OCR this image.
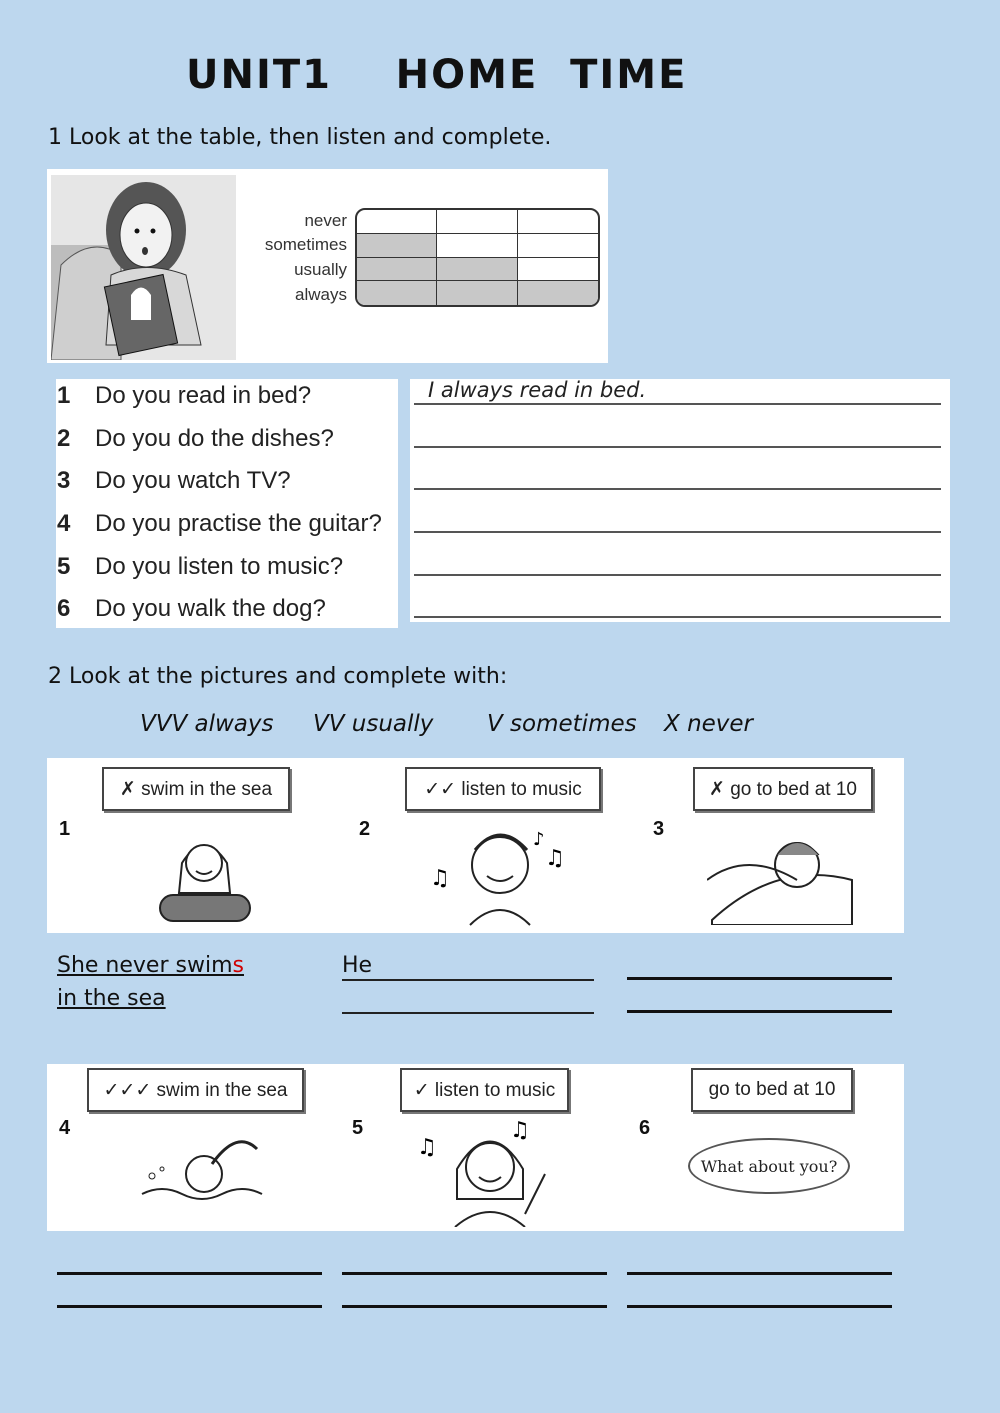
UNIT1    HOME  TIME
1 Look at the table, then listen and complete.
never
sometimes
usually
always
1	Do you read in bed?
2	Do you do the dishes?
3	Do you watch TV?
4	Do you practise the guitar?
5	Do you listen to music?
6	Do you walk the dog?
I always read in bed.
2 Look at the pictures and complete with:
VVV always VV usually V sometimes X never
✗ swim in the sea	✓✓ listen to music	✗ go to bed at 10
1	2	3
♫
♫
♪
She never swims
in the sea
He
✓✓✓ swim in the sea	✓ listen to music	go to bed at 10
4	5	6
♫
♫
What about you?
